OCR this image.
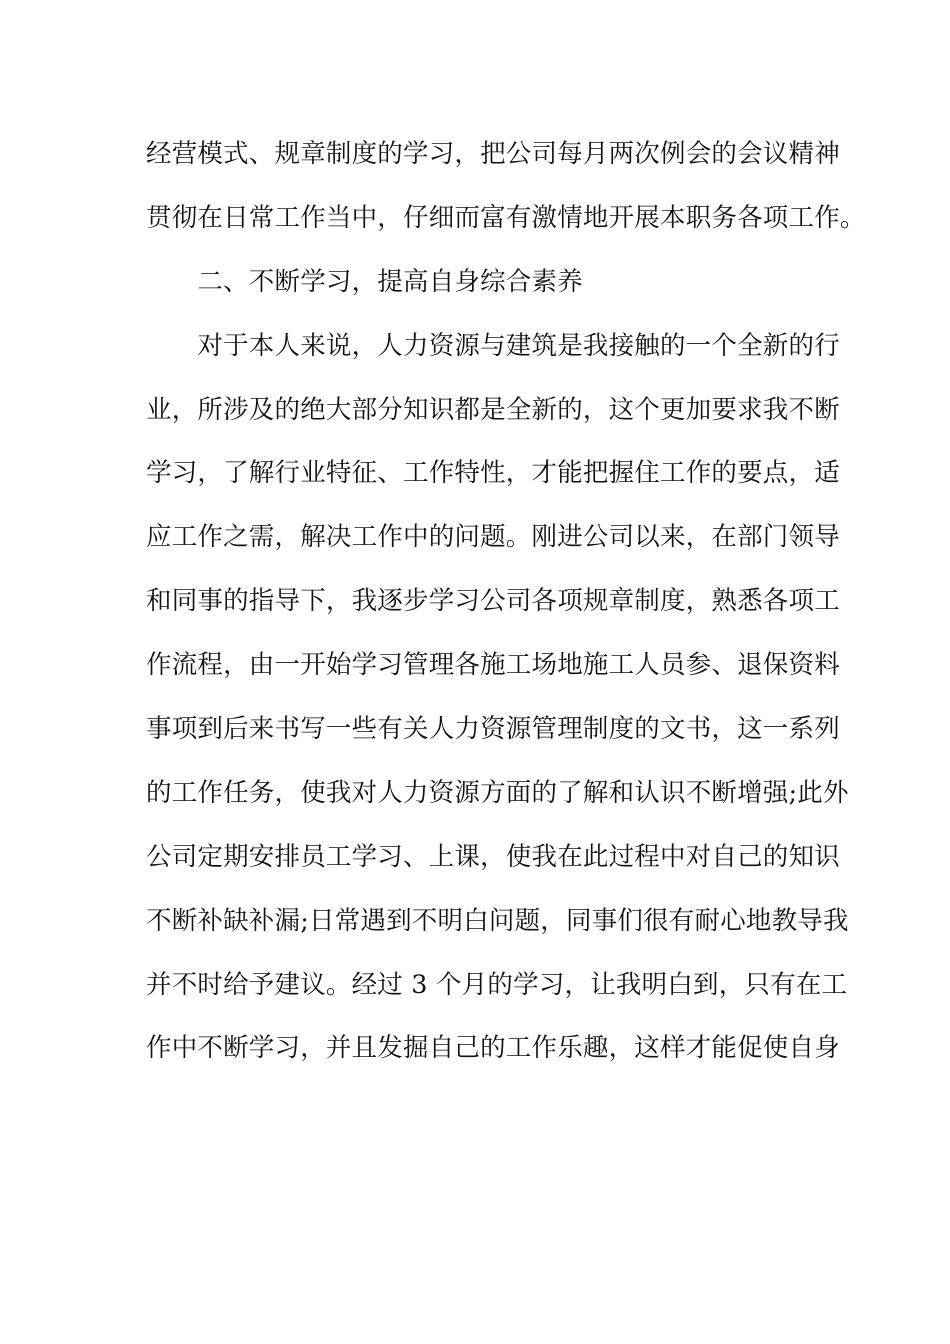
经营模式、规章制度的学习，把公司每月两次例会的会议精神
贯彻在日常工作当中，仔细而富有激情地开展本职务各项工作。
　　二、不断学习，提高自身综合素养
　　对于本人来说，人力资源与建筑是我接触的一个全新的行
业，所涉及的绝大部分知识都是全新的，这个更加要求我不断
学习，了解行业特征、工作特性，才能把握住工作的要点，适
应工作之需，解决工作中的问题。刚进公司以来，在部门领导
和同事的指导下，我逐步学习公司各项规章制度，熟悉各项工
作流程，由一开始学习管理各施工场地施工人员参、退保资料
事项到后来书写一些有关人力资源管理制度的文书，这一系列
的工作任务，使我对人力资源方面的了解和认识不断增强;此外
公司定期安排员工学习、上课，使我在此过程中对自己的知识
不断补缺补漏;日常遇到不明白问题，同事们很有耐心地教导我
并不时给予建议。经过 3 个月的学习，让我明白到，只有在工
作中不断学习，并且发掘自己的工作乐趣，这样才能促使自身
